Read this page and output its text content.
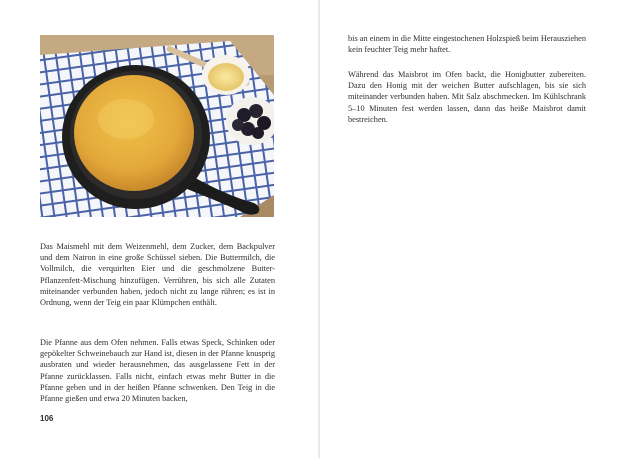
Das Maismehl mit dem Weizenmehl, dem Zucker, dem Backpulver und dem Natron in eine große Schüssel sieben. Die Buttermilch, die Vollmilch, die verquirlten Eier und die geschmolzene Butter-Pflanzenfett-Mischung hinzufügen. Verrühren, bis sich alle Zutaten miteinander verbunden haben, jedoch nicht zu lange rühren; es ist in Ordnung, wenn der Teig ein paar Klümpchen enthält.

Die Pfanne aus dem Ofen nehmen. Falls etwas Speck, Schinken oder gepökelter Schweinebauch zur Hand ist, diesen in der Pfanne knusprig ausbraten und wieder herausnehmen, das ausgelassene Fett in der Pfanne zurücklassen. Falls nicht, einfach etwas mehr Butter in die Pfanne geben und in der heißen Pfanne schwenken. Den Teig in die Pfanne gießen und etwa 20 Minuten backen,

106

bis an einem in die Mitte eingestochenen Holzspieß beim Herausziehen kein feuchter Teig mehr haftet.

Während das Maisbrot im Ofen backt, die Honigbutter zubereiten. Dazu den Honig mit der weichen Butter aufschlagen, bis sie sich miteinander verbunden haben. Mit Salz abschmecken. Im Kühlschrank 5–10 Minuten fest werden lassen, dann das heiße Maisbrot damit bestreichen.
